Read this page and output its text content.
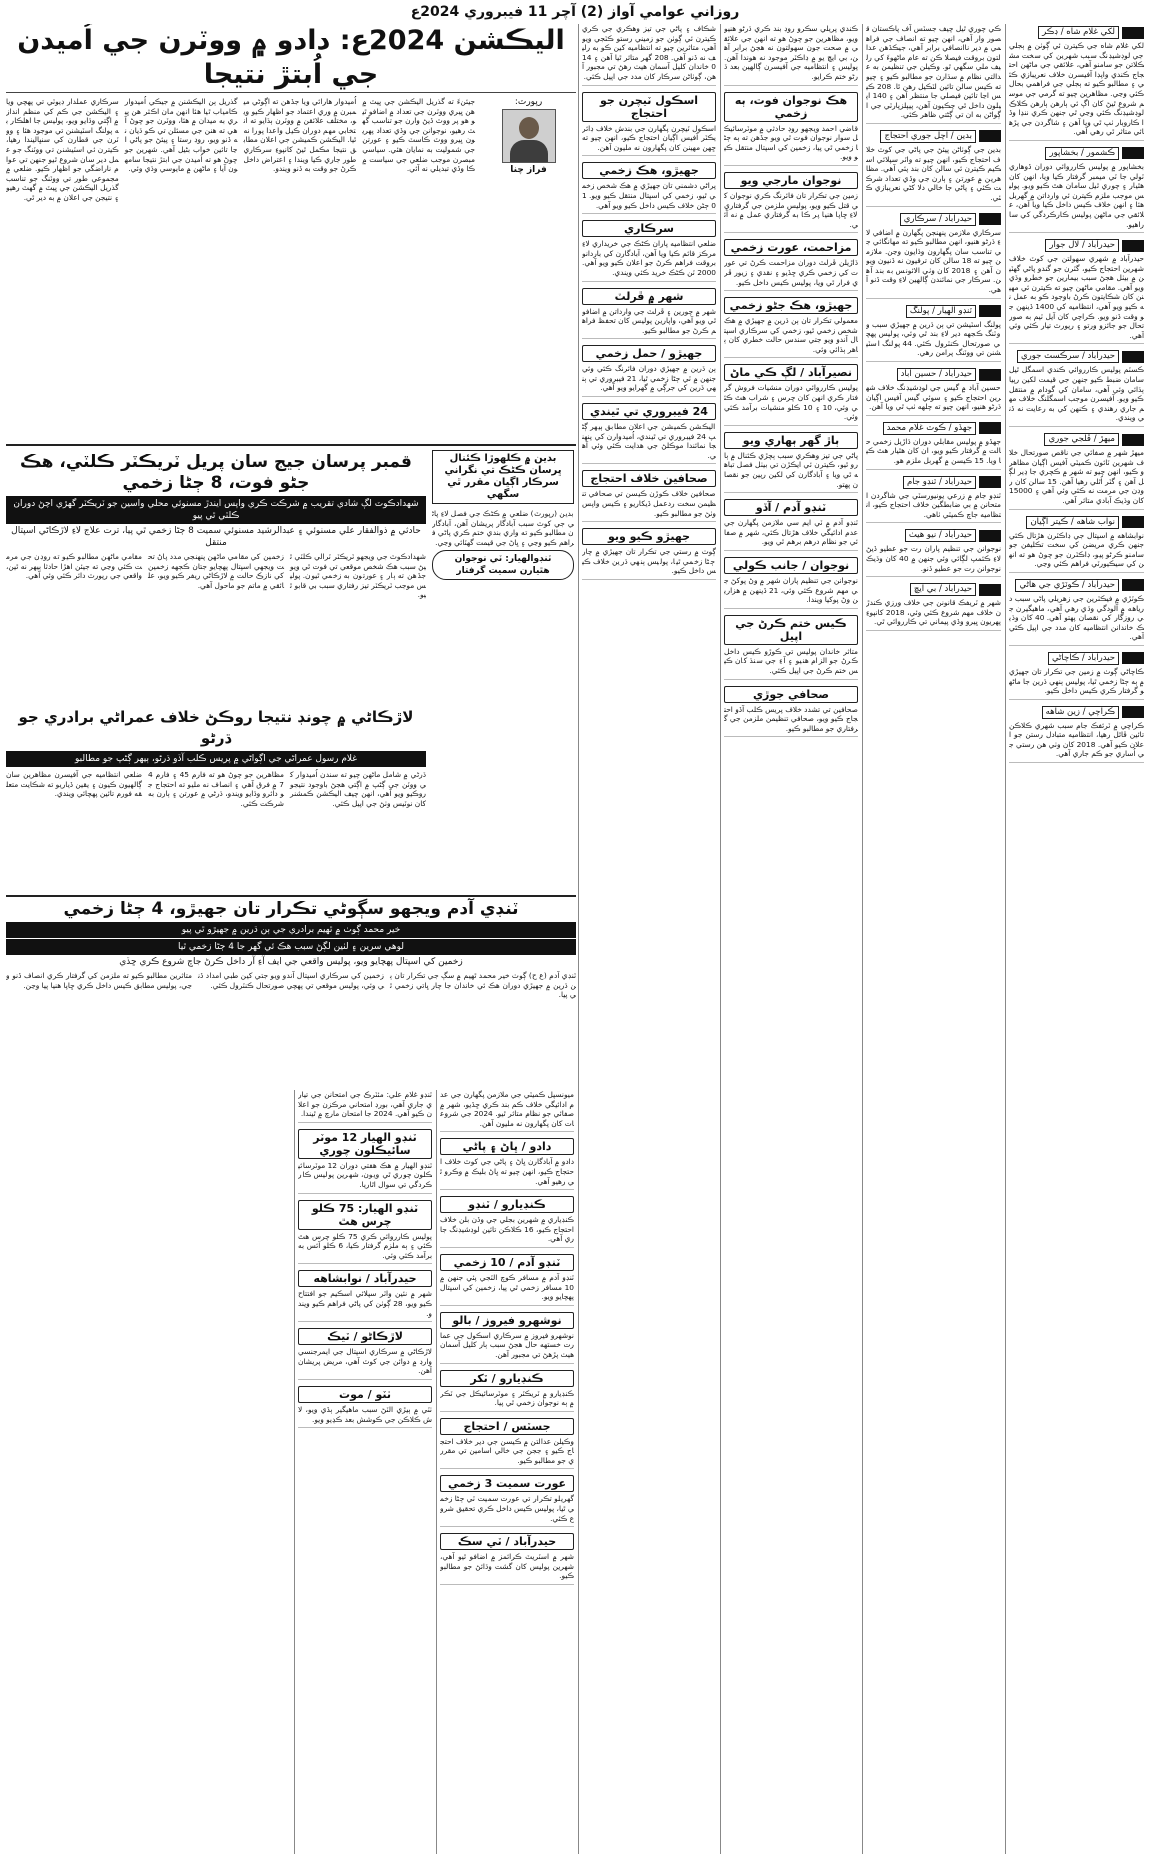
روزاني عوامي آواز (2) آچر 11 فيبروري 2024ع
لکي غلام شاه / ڊڪر

لکي غلام شاه جي ڪيترن ئي ڳوٺن ۾ ٻجلي جي لوڊشيڊنگ سبب شهرين کي سخت مشڪلاتن جو سامنو آهي، علائقي جي ماڻهن احتجاج ڪندي واپڊا آفيسرن خلاف نعريبازي ڪئي ۽ مطالبو ڪيو ته ٻجلي جي فراهمي بحال ڪئي وڃي. مظاهرين چيو ته گرمي جي موسم شروع ٿيڻ کان اڳ ئي ٻارهن ٻارهن ڪلاڪ لوڊشيڊنگ ڪئي وڃي ٿي جنهن ڪري ننڍا وڏا ڪاروبار ٺپ ٿي ويا آهن ۽ شاگردن جي پڙهائي متاثر ٿي رهي آهي.

ڪشمور / بخشاپور

بخشاپور ۾ پوليس ڪارروائي دوران ڏوهاري ٽولي جا ٽي ميمبر گرفتار ڪيا ويا، انهن کان هٿيار ۽ چوري ٿيل سامان هٿ ڪيو ويو. پوليس موجب ملزم ڪيترن ئي وارداتن ۾ گهربل هئا ۽ انهن خلاف ڪيس داخل ڪيا ويا آهن، علائقي جي ماڻهن پوليس ڪارڪردگي کي ساراهيو.

حيدرآباد / لال جوار

حيدرآباد ۾ شهري سهولتن جي کوٽ خلاف شهرين احتجاج ڪيو، گٽرن جو گندو پاڻي گهٽين ۾ بيٺل هجڻ سبب بيمارين جو خطرو وڌي ويو آهي. مقامي ماڻهن چيو ته ڪيترن ئي مهينن کان شڪايتون ڪرڻ باوجود ڪو به عمل نه ڪيو ويو آهي، انتظاميه کي 1400 ڏينهن جو وقت ڏنو ويو. ڪراچي کان آيل ٽيم به صورتحال جو جائزو ورتو ۽ رپورٽ تيار ڪئي وئي آهي.

حيدرآباد / سرڪسٽ جوري

ڪسٽم پوليس ڪارروائي ڪندي اسمگل ٿيل سامان ضبط ڪيو جنهن جي قيمت لکين رپيا ٻڌائي وئي آهي، سامان کي گودام ۾ منتقل ڪيو ويو. آفيسرن موجب اسمگلنگ خلاف مهم جاري رهندي ۽ ڪنهن کي به رعايت نه ڏني ويندي.

ميهڙ / ڦلجي جوري

ميهڙ شهر ۾ صفائي جي ناقص صورتحال خلاف شهرين ٽائون ڪميٽي آفيس اڳيان مظاهرو ڪيو، انهن چيو ته شهر ۾ ڪچري جا ڍير لڳل آهن ۽ گٽر اُٿلي رهيا آهن. 15 سالن کان روڊن جي مرمت نه ڪئي وئي آهي ۽ 15000 کان وڌيڪ آبادي متاثر آهي.

نواب شاهه / ڪيتر آڳيان

نوابشاهه ۾ اسپتال جي ڊاڪٽرن هڙتال ڪئي جنهن ڪري مريضن کي سخت تڪليفن جو سامنو ڪرڻو پيو، ڊاڪٽرن جو چوڻ هو ته انهن کي سيڪيورٽي فراهم ڪئي وڃي.

حيدرآباد / ڪوٽڙي جي هاڻي

ڪوٽڙي ۾ فيڪٽرين جي زهريلي پاڻي سبب درياهه ۾ آلودگي وڌي رهي آهي، ماهيگيرن جي روزگار کي نقصان پهتو آهي. 40 کان وڌيڪ خاندانن انتظاميه کان مدد جي اپيل ڪئي آهي.

حيدرآباد / ڪاچاڻي

ڪاچاڻي ڳوٺ ۾ زمين جي تڪرار تان جهيڙي ۾ ٻه ڄڻا زخمي ٿيا، پوليس ٻنهي ڌرين جا ماڻهو گرفتار ڪري ڪيس داخل ڪيو.

ڪراچي / زين شاهه

ڪراچي ۾ ٽرئفڪ جام سبب شهري ڪلاڪن تائين ڦاٿل رهيا، انتظاميه متبادل رستن جو اعلان ڪيو آهي. 2018 کان وٺي هن رستي جي اُساري جو ڪم جاري آهي.

ڪي چوري ٿيل چيف جسٽس آف پاڪستان قصور وار آهي، انهن چيو ته انصاف جي فراهمي ۾ دير ناانصافي برابر آهي، جيڪڏهن عدالتون بروقت فيصلا ڪن ته عام ماڻهوءَ کي رليف ملي سگهي ٿو. وڪيلن جي تنظيمن به عدالتي نظام ۾ سڌارن جو مطالبو ڪيو ۽ چيو ته ڪيس سالن تائين لٽڪيل رهن ٿا. 208 ڪيس اڃا تائين فيصلي جا منتظر آهن ۽ 140 اپيلون داخل ٿي چڪيون آهن، پيپلزپارٽي جي اڳواڻن به ان تي ڳڻتي ظاهر ڪئي.

بدين / اچل جوري احتجاج

بدين جي ڳوٺاڻن پيئڻ جي پاڻي جي کوٽ خلاف احتجاج ڪيو، انهن چيو ته واٽر سپلائي اسڪيم ڪيترن ئي سالن کان بند پئي آهي. مظاهرين ۾ عورتن ۽ ٻارن جي وڏي تعداد شرڪت ڪئي ۽ پاڻي جا خالي دلا کڻي نعريبازي ڪئي.

حيدرآباد / سرڪاري

سرڪاري ملازمن پنهنجن پگهارن ۾ اضافي لاءِ ڌرڻو هنيو، انهن مطالبو ڪيو ته مهانگائي جي تناسب سان پگهارون وڌايون وڃن. ملازمن چيو ته 18 سالن کان ترقيون نه ڏنيون ويون آهن ۽ 2018 کان وٺي الائونس به بند آهن. سرڪار جي نمائندن ڳالهين لاءِ وقت ڏنو آهي.

ٽنڊو الهيار / پولنگ

پولنگ اسٽيشن تي ٻن ڌرين ۾ جهيڙي سبب ووٽنگ ڪجهه دير لاءِ بند ٿي وئي، پوليس پهچي صورتحال ڪنٽرول ڪئي. 44 پولنگ اسٽيشنن تي ووٽنگ پرامن رهي.

حيدرآباد / حسين آباد

حسين آباد ۾ گيس جي لوڊشيڊنگ خلاف شهرين احتجاج ڪيو ۽ سوئي گيس آفيس اڳيان ڌرڻو هنيو، انهن چيو ته چلهه ٺپ ٿي ويا آهن.

جهڏو / ڪوٽ غلام محمد

جهڏو ۾ پوليس مقابلي دوران ڌاڙيل زخمي حالت ۾ گرفتار ڪيو ويو، ان کان هٿيار هٿ ڪيا ويا. 15 ڪيسن ۾ گهربل ملزم هو.

حيدرآباد / ٽنڊو جام

ٽنڊو جام ۾ زرعي يونيورسٽي جي شاگردن امتحانن ۾ بي ضابطگين خلاف احتجاج ڪيو، انتظاميه جاچ ڪميٽي ٺاهي.

حيدرآباد / نيو هيٺ

نوجوانن جي تنظيم پاران رت جو عطيو ڏيڻ لاءِ ڪئمپ لڳائي وئي جنهن ۾ 40 کان وڌيڪ نوجوانن رت جو عطيو ڏنو.

حيدرآباد / بي ايڇ

شهر ۾ ٽريفڪ قانونن جي خلاف ورزي ڪندڙن خلاف مهم شروع ڪئي وئي، 2018 کانپوءِ پهريون ڀيرو وڏي پيماني تي ڪارروائي ٿي.

ڪندي پريلي سڪرو روڊ بند ڪري ڌرڻو هنيو ويو، مظاهرين جو چوڻ هو ته انهن جي علائقي ۾ صحت جون سهولتون نه هجڻ برابر آهن، بي ايڇ يو ۾ ڊاڪٽر موجود نه هوندا آهن. پوليس ۽ انتظاميه جي آفيسرن ڳالهين بعد ڌرڻو ختم ڪرايو.

هڪ نوجوان فوت، ٻه زخمي

قاضي احمد ويجهو روڊ حادثي ۾ موٽرسائيڪل سوار نوجوان فوت ٿي ويو جڏهن ته ٻه ڄڻا زخمي ٿي پيا، زخمين کي اسپتال منتقل ڪيو ويو.

نوجوان مارجي ويو

زمين جي تڪرار تان فائرنگ ڪري نوجوان کي قتل ڪيو ويو، پوليس ملزمن جي گرفتاري لاءِ ڇاپا هنيا پر ڪا به گرفتاري عمل ۾ نه آئي.

مزاحمت، عورت زخمي

ڌاڙيلن ڦرلٽ دوران مزاحمت ڪرڻ تي عورت کي زخمي ڪري ڇڏيو ۽ نقدي ۽ زيور ڦري فرار ٿي ويا، پوليس ڪيس داخل ڪيو.

جهيڙو، هڪ جڻو زخمي

معمولي تڪرار تان ٻن ڌرين ۾ جهيڙي ۾ هڪ شخص زخمي ٿيو، زخمي کي سرڪاري اسپتال آندو ويو جتي سندس حالت خطري کان ٻاهر ٻڌائي وئي.

نصيرآباد / لڳ ڪي ماڻ

پوليس ڪارروائي دوران منشيات فروش گرفتار ڪري انهن کان چرس ۽ شراب هٿ ڪئي وئي، 10 ۽ 10 ڪلو منشيات برآمد ڪئي وئي.

ٻاڙ گهر ٻهاري ويو

پاڻي جي تيز وهڪري سبب ٻچڙي ڪئنال ۾ ٻارو ٿيو، ڪيترن ئي ايڪڙن تي بيٺل فصل تباهه ٿي ويا ۽ آبادگارن کي لکين رپين جو نقصان پهتو.

ٽنڊو آدم / آڏو

ٽنڊو آدم ۾ ٽي ايم سي ملازمن پگهارن جي عدم ادائيگي خلاف هڙتال ڪئي، شهر ۾ صفائي جو نظام درهم برهم ٿي ويو.

نوجوان / جانب ڪولي

نوجوانن جي تنظيم پاران شهر ۾ وڻ پوکڻ جي مهم شروع ڪئي وئي، 21 ڏينهن ۾ هزارين وڻ پوکيا ويندا.

ڪيس ختم ڪرڻ جي اپيل

متاثر خاندان پوليس تي ڪوڙو ڪيس داخل ڪرڻ جو الزام هنيو ۽ آءِ جي سنڌ کان ڪيس ختم ڪرڻ جي اپيل ڪئي.

صحافي جوڙي

صحافين تي تشدد خلاف پريس ڪلب آڏو احتجاج ڪيو ويو، صحافي تنظيمن ملزمن جي گرفتاري جو مطالبو ڪيو.

شڪاف ۽ پاڻي جي تيز وهڪري جي ڪري ڪيترن ئي ڳوٺن جو زميني رستو ڪٽجي ويو آهي، متاثرين چيو ته انتظاميه کين ڪو به رليف نه ڏنو آهي. 208 گهر متاثر ٿيا آهن ۽ 140 خاندان کليل آسمان هيٺ رهڻ تي مجبور آهن، ڳوٺاڻن سرڪار کان مدد جي اپيل ڪئي.

اسڪول ٽيچرن جو احتجاج

اسڪول ٽيچرن پگهارن جي بندش خلاف ڊائريڪٽر آفيس اڳيان احتجاج ڪيو، انهن چيو ته ڇهن مهينن کان پگهارون نه مليون آهن.

جهيڙو، هڪ زخمي

پراڻي دشمني تان جهيڙي ۾ هڪ شخص زخمي ٿيو، زخمي کي اسپتال منتقل ڪيو ويو. 10 ڄڻن خلاف ڪيس داخل ڪيو ويو آهي.

سرڪاري

ضلعي انتظاميه پاران ڪڻڪ جي خريداري لاءِ مرڪز قائم ڪيا ويا آهن، آبادگارن کي باردانو بروقت فراهم ڪرڻ جو اعلان ڪيو ويو آهي. 2000 ٽن ڪڻڪ خريد ڪئي ويندي.

شهر ۾ ڦرلٽ

شهر ۾ چورين ۽ ڦرلٽ جي وارداتن ۾ اضافو ٿي ويو آهي، واپارين پوليس کان تحفظ فراهم ڪرڻ جو مطالبو ڪيو.

جهيڙو / حمل زخمي

ٻن ڌرين ۾ جهيڙي دوران فائرنگ ڪئي وئي جنهن ۾ ٽي ڄڻا زخمي ٿيا، 21 فيبروري تي ٻنهي ڌرين کي جرڳي ۾ گهرايو ويو آهي.

24 فيبروري تي ٿيندي

اليڪشن ڪميشن جي اعلان مطابق ٻيهر ڳڻپ 24 فيبروري تي ٿيندي، اُميدوارن کي پنهنجا نمائندا موڪلڻ جي هدايت ڪئي وئي آهي.

صحافين خلاف احتجاج

صحافين خلاف ڪوڙن ڪيسن تي صحافي تنظيمن سخت ردعمل ڏيکاريو ۽ ڪيس واپس وٺڻ جو مطالبو ڪيو.

جهيڙو ڪيو ويو

ڳوٺ ۾ رستي جي تڪرار تان جهيڙي ۾ چار ڄڻا زخمي ٿيا، پوليس ٻنهي ڌرين خلاف ڪيس داخل ڪيو.

اليڪشن 2024ع: دادو ۾ ووٽرن جي اُميدن جي اُبتڙ نتيجا
رپورٽ:
فراز چنا
جيئنءَ ته گذريل اليڪشن جي ڀيٽ ۾ هن ڀيري ووٽرن جي تعداد ۾ اضافو ٿيو هو پر ووٽ ڏيڻ وارن جو تناسب گهٽ رهيو، نوجوانن جي وڏي تعداد پهريون ڀيرو ووٽ ڪاسٽ ڪيو ۽ عورتن جي شموليت به نمايان هئي. سياسي مبصرن موجب ضلعي جي سياست ۾ ڪا وڏي تبديلي نه آئي.
اُميدوار هارائي ويا جڏهن ته اڳوڻي ميمبرن ۾ وري اعتماد جو اظهار ڪيو ويو، مختلف علائقن ۾ ووٽرن ٻڌايو ته انتخابي مهم دوران ڪيل واعدا پورا نه ٿيا. اليڪشن ڪميشن جي اعلان مطابق نتيجا مڪمل ٿيڻ کانپوءِ سرڪاري طور جاري ڪيا ويندا ۽ اعتراض داخل ڪرڻ جو وقت به ڏنو ويندو.
گذريل ٻن اليڪشنن ۾ جيڪي اُميدوار ڪامياب ٿيا هئا انهن مان اڪثر هن ڀيري به ميدان ۾ هئا، ووٽرن جو چوڻ آهي ته هنن جي مسئلن تي ڪو ڌيان نه ڏنو ويو، روڊ رستا ۽ پيئڻ جو پاڻي اڃا تائين خواب بڻيل آهي. شهرين جو چوڻ هو ته اُميدن جي ابتڙ نتيجا سامهون آيا ۽ ماڻهن ۾ مايوسي وڌي وئي.
سرڪاري عملدار ڊيوٽي تي پهچي ويا ۽ اليڪشن جي ڪم کي منظم انداز ۾ اڳتي وڌايو ويو، پوليس جا اهلڪار به پولنگ اسٽيشنن تي موجود هئا ۽ ووٽرن جي قطارن کي سنڀاليندا رهيا، ڪيترن ئي اسٽيشنن تي ووٽنگ جو عمل دير سان شروع ٿيو جنهن تي عوام ناراضگي جو اظهار ڪيو. ضلعي ۾ مجموعي طور تي ووٽنگ جو تناسب گذريل اليڪشن جي ڀيٽ ۾ گهٽ رهيو ۽ نتيجن جي اعلان ۾ به دير ٿي.
قمبر پرسان جيج سان پريل ٽريڪٽر ڪلٽي، هڪ جڻو فوت، 8 ڄڻا زخمي
شهدادڪوٽ لڳ شادي تقريب ۾ شرڪت ڪري واپس ايندڙ مسنوئي محلي واسين جو ٽريڪٽر گهڙي اچڻ دوران ڪلٽي ٿي پيو
حادثي ۾ ذوالفقار علي مسنوئي ۽ عبدالرشيد مسنوئي سميت 8 ڄڻا زخمي ٿي پيا، ترت علاج لاءِ لاڙڪاڻي اسپتال منتقل
شهدادڪوٽ جي ويجهو ٽريڪٽر ٽرالي ڪلٽي ٿيڻ سبب هڪ شخص موقعي تي فوت ٿي ويو جڏهن ته ٻار ۽ عورتون به زخمي ٿيون. پوليس موجب ٽريڪٽر تيز رفتاري سبب بي قابو ٿيو.
زخمين کي مقامي ماڻهن پنهنجي مدد پاڻ تحت ويجهي اسپتال پهچايو جتان ڪجهه زخمين کي نازڪ حالت ۾ لاڙڪاڻي ريفر ڪيو ويو، علائقي ۾ ماتم جو ماحول آهي.
مقامي ماڻهن مطالبو ڪيو ته روڊن جي مرمت ڪئي وڃي ته جيئن اهڙا حادثا ٻيهر نه ٿين، واقعي جي رپورٽ دائر ڪئي وئي آهي.
بدين ۾ ڪلهوڙا ڪئنال ڀرسان ڪڻڪ تي نگراني سرڪار اڳيان مقرر ٿي سگهي
بدين (رپورٽ) ضلعي ۾ ڪڻڪ جي فصل لاءِ پاڻي جي کوٽ سبب آبادگار پريشان آهن، آبادگارن مطالبو ڪيو ته واري بندي ختم ڪري پاڻي فراهم ڪيو وڃي ۽ ڀاڻ جي قيمت گهٽائي وڃي.
ٽنڊوالهيار: ٽي نوجوان هٿيارن سميت گرفتار
لاڙڪاڻي ۾ چونڊ نتيجا روڪڻ خلاف عمراڻي برادري جو ڌرڻو
غلام رسول عمراڻي جي اڳواڻي ۾ پريس ڪلب آڏو ڌرڻو، ٻيهر ڳڻپ جو مطالبو
ڌرڻي ۾ شامل ماڻهن چيو ته سندن اُميدوار کي ووٽن جي ڳڻپ ۾ اڳتي هجڻ باوجود نتيجو روڪيو ويو آهي، انهن چيف اليڪشن ڪمشنر کان نوٽيس وٺڻ جي اپيل ڪئي.
مظاهرين جو چوڻ هو ته فارم 45 ۽ فارم 47 ۾ فرق آهي ۽ انصاف نه مليو ته احتجاج جو دائرو وڌايو ويندو، ڌرڻي ۾ عورتن ۽ ٻارن به شرڪت ڪئي.
ضلعي انتظاميه جي آفيسرن مظاهرين سان ڳالهيون ڪيون ۽ يقين ڏياريو ته شڪايت متعلقه فورم تائين پهچائي ويندي.
ٽنڊي آدم ويجهو سڳوڻي تڪرار تان جهيڙو، 4 ڄڻا زخمي
خير محمد ڳوٺ ۾ ٿهيم برادري جي ٻن ڌرين ۾ جهيڙو ٿي پيو
لوهي سرين ۽ لٺين لڳڻ سبب هڪ ئي گهر جا 4 ڄڻا زخمي ٿيا
زخمين کي اسپتال پهچايو ويو، پوليس واقعي جي ايف آءِ آر داخل ڪرڻ جاچ شروع ڪري ڇڏي
ٽنڊي آدم (ع ح) ڳوٺ خير محمد ٿهيم ۾ سڳ جي تڪرار تان ٻن ڌرين ۾ جهيڙي دوران هڪ ئي خاندان جا چار ڀاتي زخمي ٿي پيا.
زخمين کي سرڪاري اسپتال آندو ويو جتي کين طبي امداد ڏني وئي، پوليس موقعي تي پهچي صورتحال ڪنٽرول ڪئي.
متاثرين مطالبو ڪيو ته ملزمن کي گرفتار ڪري انصاف ڏنو وڃي، پوليس مطابق ڪيس داخل ڪري ڇاپا هنيا پيا وڃن.

ميونسپل ڪميٽي جي ملازمن پگهارن جي عدم ادائيگي خلاف ڪم بند ڪري ڇڏيو، شهر ۾ صفائي جو نظام متاثر ٿيو. 2024 جي شروعات کان پگهارون نه مليون آهن.

دادو / ڀاڻ ۽ پاڻي

دادو ۾ آبادگارن ڀاڻ ۽ پاڻي جي کوٽ خلاف احتجاج ڪيو، انهن چيو ته ڀاڻ بليڪ ۾ وڪرو ٿي رهيو آهي.

ڪنڊيارو / ٽنڊو

ڪنڊياري ۾ شهرين بجلي جي وڏن بلن خلاف احتجاج ڪيو، 16 ڪلاڪن تائين لوڊشيڊنگ جاري آهي.

ٽنڊو آدم / 10 زخمي

ٽنڊو آدم ۾ مسافر ڪوچ الٽجي پئي جنهن ۾ 10 مسافر زخمي ٿي پيا، زخمين کي اسپتال پهچايو ويو.

نوشهرو فيروز / بالو

نوشهرو فيروز ۾ سرڪاري اسڪول جي عمارت خستهه حال هجڻ سبب ٻار کليل آسمان هيٺ پڙهڻ تي مجبور آهن.

ڪنڊيارو / ٽکر

ڪنڊيارو ۾ ٽريڪٽر ۽ موٽرسائيڪل جي ٽڪر ۾ ٻه نوجوان زخمي ٿي پيا.

جسٽس / احتجاج

وڪيلن عدالتن ۾ ڪيسن جي دير خلاف احتجاج ڪيو ۽ ججن جي خالي اسامين تي مقرري جو مطالبو ڪيو.

عورت سميت 3 زخمي

گهريلو تڪرار تي عورت سميت ٽي ڄڻا زخمي ٿيا، پوليس ڪيس داخل ڪري تحقيق شروع ڪئي.

حيدرآباد / ٽي سڪ

شهر ۾ اسٽريٽ ڪرائمز ۾ اضافو ٿيو آهي، شهرين پوليس کان گشت وڌائڻ جو مطالبو ڪيو.

ٽنڊو غلام علي: مئٽرڪ جي امتحانن جي تياري جاري آهي، بورڊ امتحاني مرڪزن جو اعلان ڪيو آهي. 2024 جا امتحان مارچ ۾ ٿيندا.

ٽنڊو الهيار 12 موٽر سائيڪلون چوري

ٽنڊو الهيار ۾ هڪ هفتي دوران 12 موٽرسائيڪلون چوري ٿي ويون، شهرين پوليس ڪارڪردگي تي سوال اٿاريا.

ٽنڊو الهيار: 75 ڪلو چرس هٿ

پوليس ڪارروائي ڪري 75 ڪلو چرس هٿ ڪئي ۽ ٻه ملزم گرفتار ڪيا، 6 ڪلو آئس به برآمد ڪئي وئي.

حيدرآباد / نوابشاهه

شهر ۾ نئين واٽر سپلائي اسڪيم جو افتتاح ڪيو ويو، 28 ڳوٺن کي پاڻي فراهم ڪيو ويندو.

لاڙڪاڻو / ٽيڪ

لاڙڪاڻي ۾ سرڪاري اسپتال جي ايمرجنسي وارڊ ۾ دوائن جي کوٽ آهي، مريض پريشان آهن.

ٺٽو / موت

ٺٽي ۾ ٻيڙي الٽڻ سبب ماهيگير ٻڏي ويو، لاش ڪلاڪن جي ڪوشش بعد ڪڍيو ويو.
